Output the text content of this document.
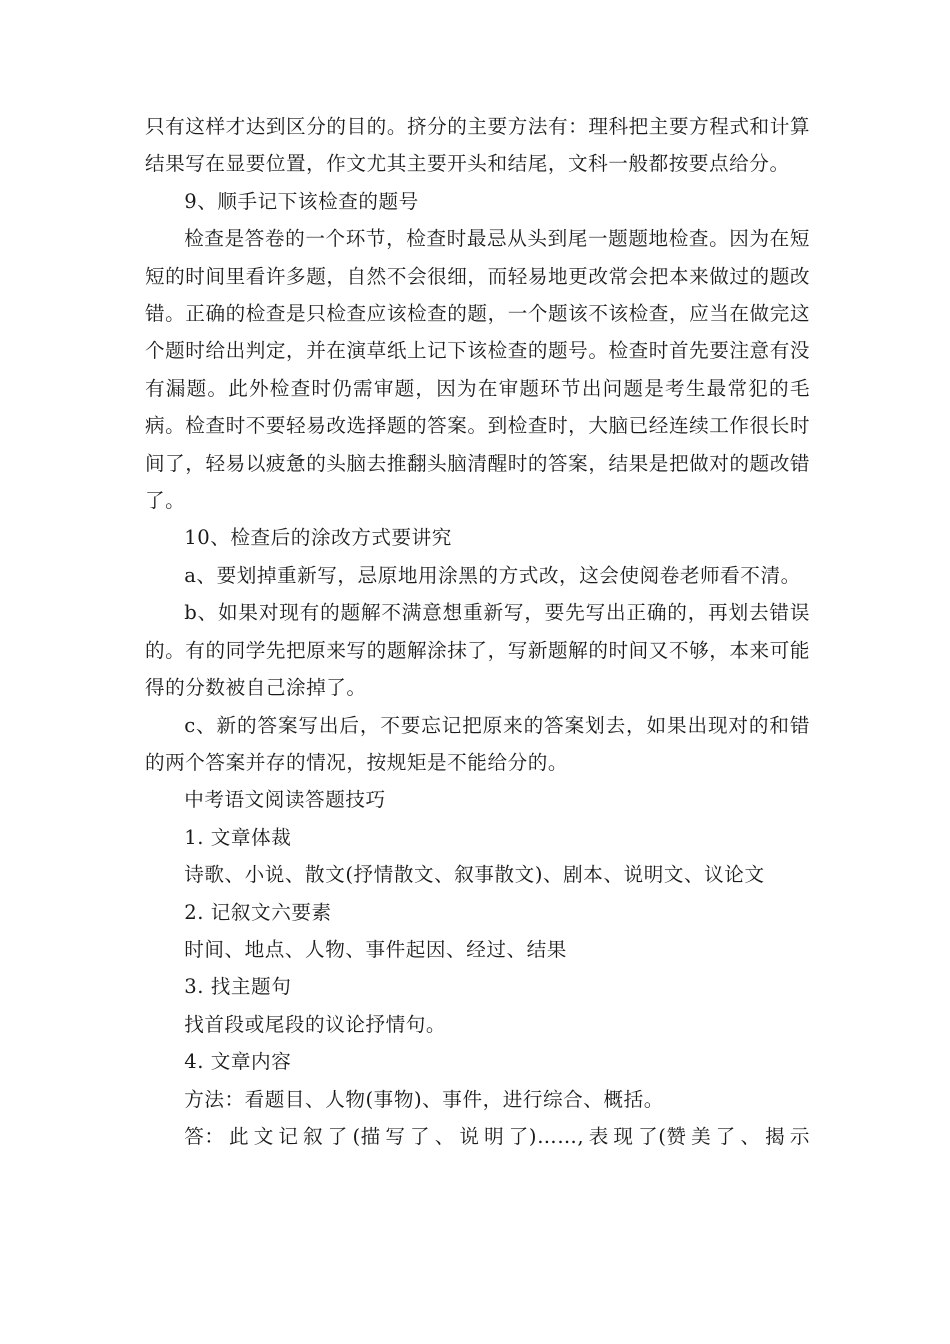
只有这样才达到区分的目的。挤分的主要方法有：理科把主要方程式和计算结果写在显要位置，作文尤其主要开头和结尾，文科一般都按要点给分。

9、顺手记下该检查的题号

检查是答卷的一个环节，检查时最忌从头到尾一题题地检查。因为在短短的时间里看许多题，自然不会很细，而轻易地更改常会把本来做过的题改错。正确的检查是只检查应该检查的题，一个题该不该检查，应当在做完这个题时给出判定，并在演草纸上记下该检查的题号。检查时首先要注意有没有漏题。此外检查时仍需审题，因为在审题环节出问题是考生最常犯的毛病。检查时不要轻易改选择题的答案。到检查时，大脑已经连续工作很长时间了，轻易以疲惫的头脑去推翻头脑清醒时的答案，结果是把做对的题改错了。

10、检查后的涂改方式要讲究

a、要划掉重新写，忌原地用涂黑的方式改，这会使阅卷老师看不清。

b、如果对现有的题解不满意想重新写，要先写出正确的，再划去错误的。有的同学先把原来写的题解涂抹了，写新题解的时间又不够，本来可能得的分数被自己涂掉了。

c、新的答案写出后，不要忘记把原来的答案划去，如果出现对的和错的两个答案并存的情况，按规矩是不能给分的。

中考语文阅读答题技巧

1. 文章体裁

诗歌、小说、散文(抒情散文、叙事散文)、剧本、说明文、议论文

2. 记叙文六要素

时间、地点、人物、事件起因、经过、结果

3. 找主题句

找首段或尾段的议论抒情句。

4. 文章内容

方法：看题目、人物(事物)、事件，进行综合、概括。

答： 此 文 记 叙 了 (描 写 了 、 说 明 了)……, 表 现 了(赞 美 了 、 揭 示
